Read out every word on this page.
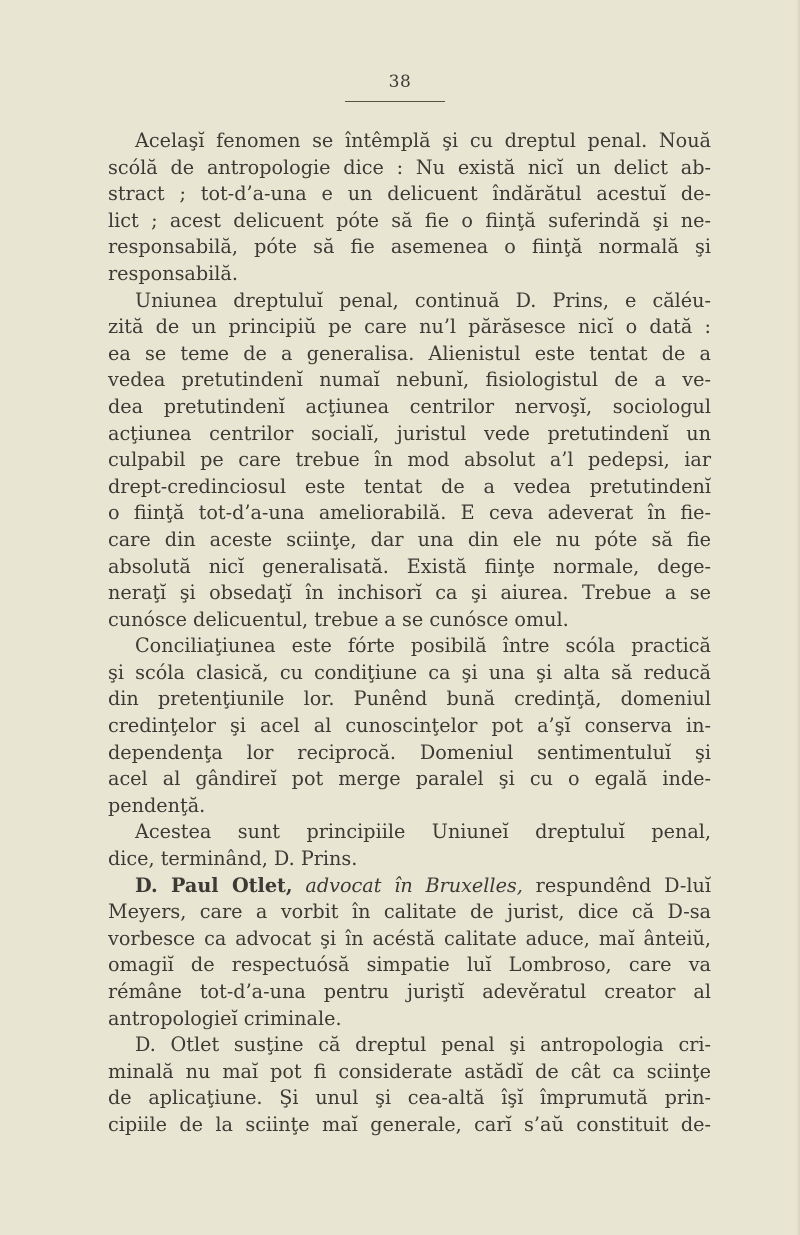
38
Acelaşĭ fenomen se întêmplă şi cu dreptul penal. Nouă
scólă de antropologie dice : Nu există nicĭ un delict ab-
stract ; tot-d’a-una e un delicuent îndărătul acestuĭ de-
lict ; acest delicuent póte să fie o fiinţă suferindă şi ne-
responsabilă, póte să fie asemenea o fiinţă normală şi
responsabilă.
Uniunea dreptuluĭ penal, continuă D. Prins, e căléu-
zită de un principiŭ pe care nu’l părăsesce nicĭ o dată :
ea se teme de a generalisa. Alienistul este tentat de a
vedea pretutindenĭ numaĭ nebunĭ, fisiologistul de a ve-
dea pretutindenĭ acţiunea centrilor nervoşĭ, sociologul
acţiunea centrilor socialĭ, juristul vede pretutindenĭ un
culpabil pe care trebue în mod absolut a’l pedepsi, iar
drept-credinciosul este tentat de a vedea pretutindenĭ
o fiinţă tot-d’a-una ameliorabilă. E ceva adeverat în fie-
care din aceste sciinţe, dar una din ele nu póte să fie
absolută nicĭ generalisată. Există fiinţe normale, dege-
neraţĭ şi obsedaţĭ în inchisorĭ ca şi aiurea. Trebue a se
cunósce delicuentul, trebue a se cunósce omul.
Conciliaţiunea este fórte posibilă între scóla practică
şi scóla clasică, cu condiţiune ca şi una şi alta să reducă
din pretenţiunile lor. Punênd bună credinţă, domeniul
credinţelor şi acel al cunoscinţelor pot a’şĭ conserva in-
dependenţa lor reciprocă. Domeniul sentimentuluĭ şi
acel al gândireĭ pot merge paralel şi cu o egală inde-
pendenţă.
Acestea sunt principiile Uniuneĭ dreptuluĭ penal,
dice, terminând, D. Prins.
D. Paul Otlet, advocat în Bruxelles, respundênd D-luĭ
Meyers, care a vorbit în calitate de jurist, dice că D-sa
vorbesce ca advocat şi în acéstă calitate aduce, maĭ ânteiŭ,
omagiĭ de respectuósă simpatie luĭ Lombroso, care va
rémâne tot-d’a-una pentru juriştĭ adevěratul creator al
antropologieĭ criminale.
D. Otlet susţine că dreptul penal şi antropologia cri-
minală nu maĭ pot fi considerate astădĭ de cât ca sciinţe
de aplicaţiune. Şi unul şi cea-altă îşĭ împrumută prin-
cipiile de la sciinţe maĭ generale, carĭ s’aŭ constituit de-
